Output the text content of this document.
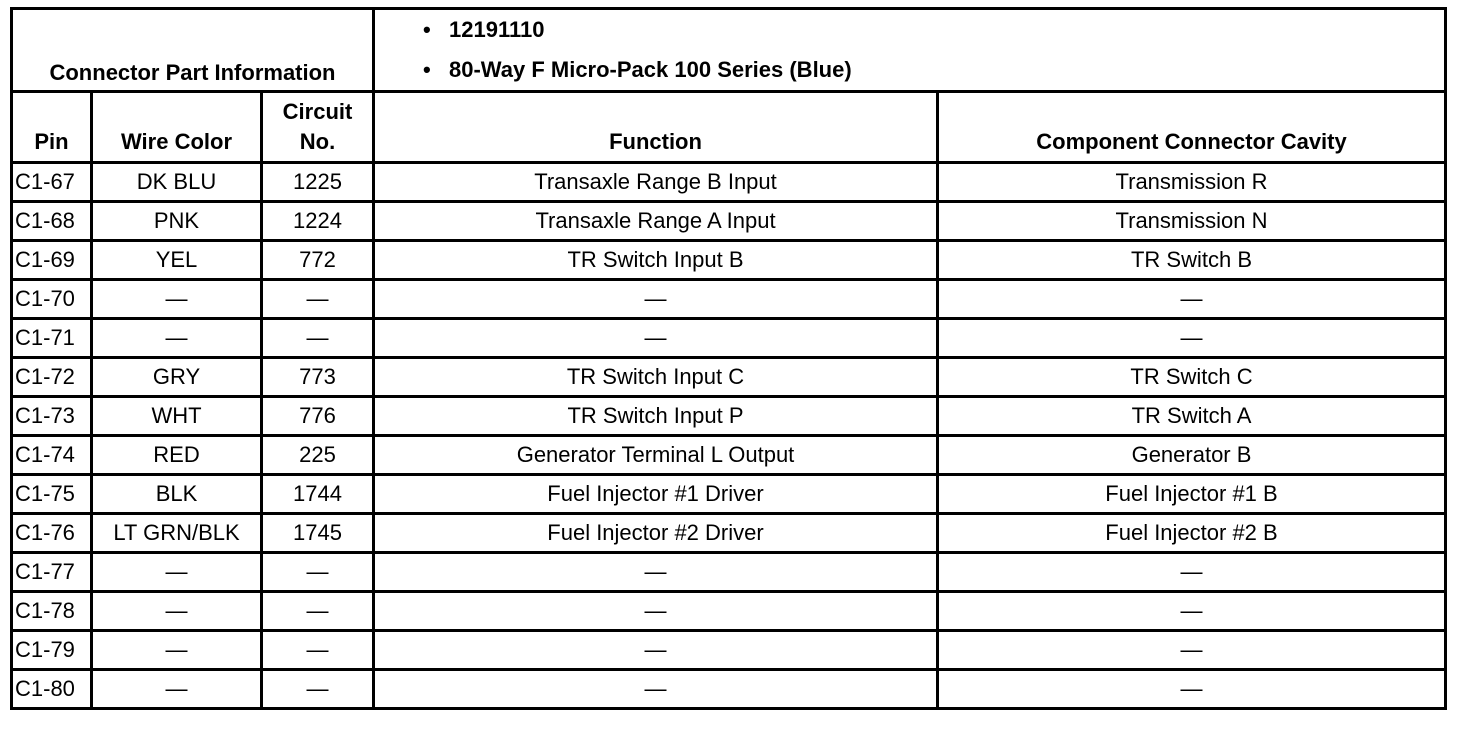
Connector Part Information			• 12191110
• 80-Way F Micro-Pack 100 Series (Blue)	

Pin	Wire Color	Circuit No.	Function	Component Connector Cavity
C1-67	DK BLU	1225	Transaxle Range B Input	Transmission R
C1-68	PNK	1224	Transaxle Range A Input	Transmission N
C1-69	YEL	772	TR Switch Input B	TR Switch B
C1-70	—	—	—	—
C1-71	—	—	—	—
C1-72	GRY	773	TR Switch Input C	TR Switch C
C1-73	WHT	776	TR Switch Input P	TR Switch A
C1-74	RED	225	Generator Terminal L Output	Generator B
C1-75	BLK	1744	Fuel Injector #1 Driver	Fuel Injector #1 B
C1-76	LT GRN/BLK	1745	Fuel Injector #2 Driver	Fuel Injector #2 B
C1-77	—	—	—	—
C1-78	—	—	—	—
C1-79	—	—	—	—
C1-80	—	—	—	—
